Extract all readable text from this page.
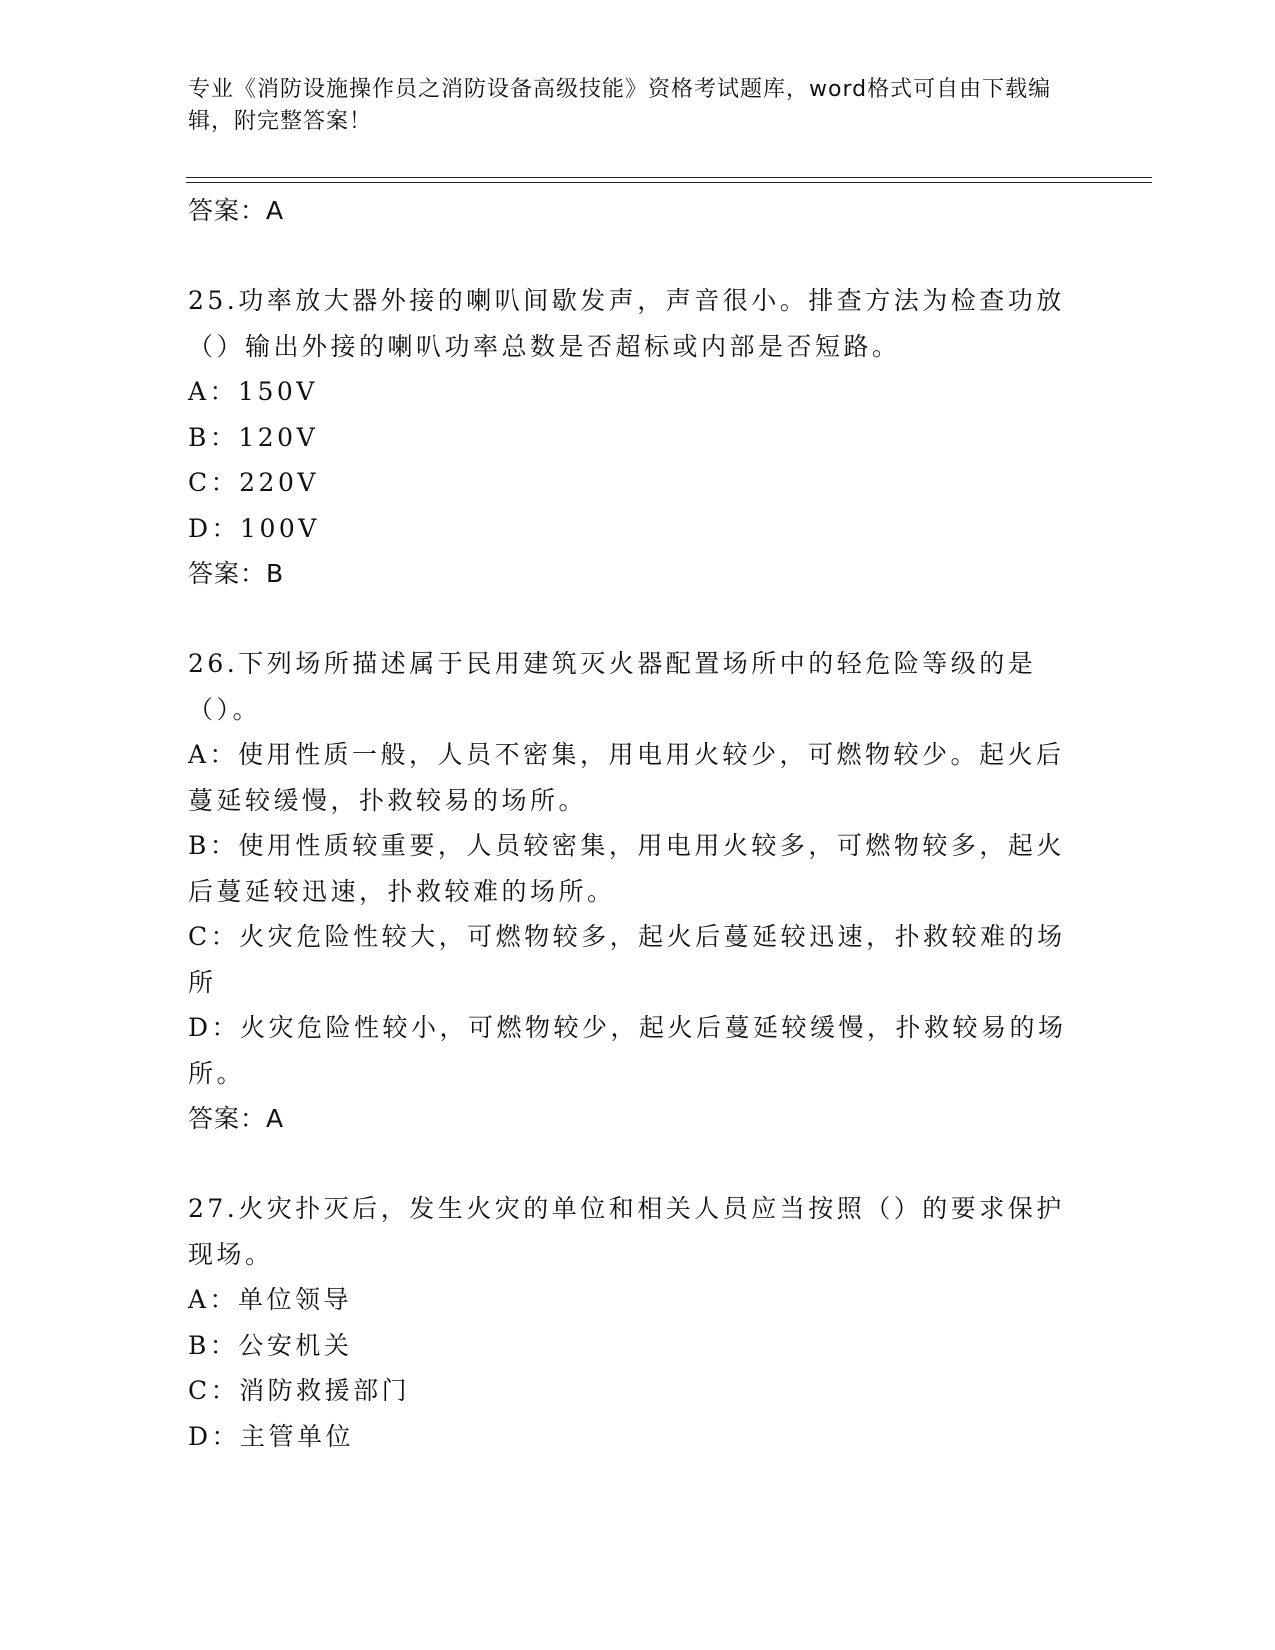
专业《消防设施操作员之消防设备高级技能》资格考试题库，word格式可自由下载编辑，附完整答案！
答案：A
25.功率放大器外接的喇叭间歇发声，声音很小。排查方法为检查功放（）输出外接的喇叭功率总数是否超标或内部是否短路。
A：150V
B：120V
C：220V
D：100V
答案：B
26.下列场所描述属于民用建筑灭火器配置场所中的轻危险等级的是（）。
A：使用性质一般，人员不密集，用电用火较少，可燃物较少。起火后蔓延较缓慢，扑救较易的场所。
B：使用性质较重要，人员较密集，用电用火较多，可燃物较多，起火后蔓延较迅速，扑救较难的场所。
C：火灾危险性较大，可燃物较多，起火后蔓延较迅速，扑救较难的场所
D：火灾危险性较小，可燃物较少，起火后蔓延较缓慢，扑救较易的场所。
答案：A
27.火灾扑灭后，发生火灾的单位和相关人员应当按照（）的要求保护现场。
A：单位领导
B：公安机关
C：消防救援部门
D：主管单位
